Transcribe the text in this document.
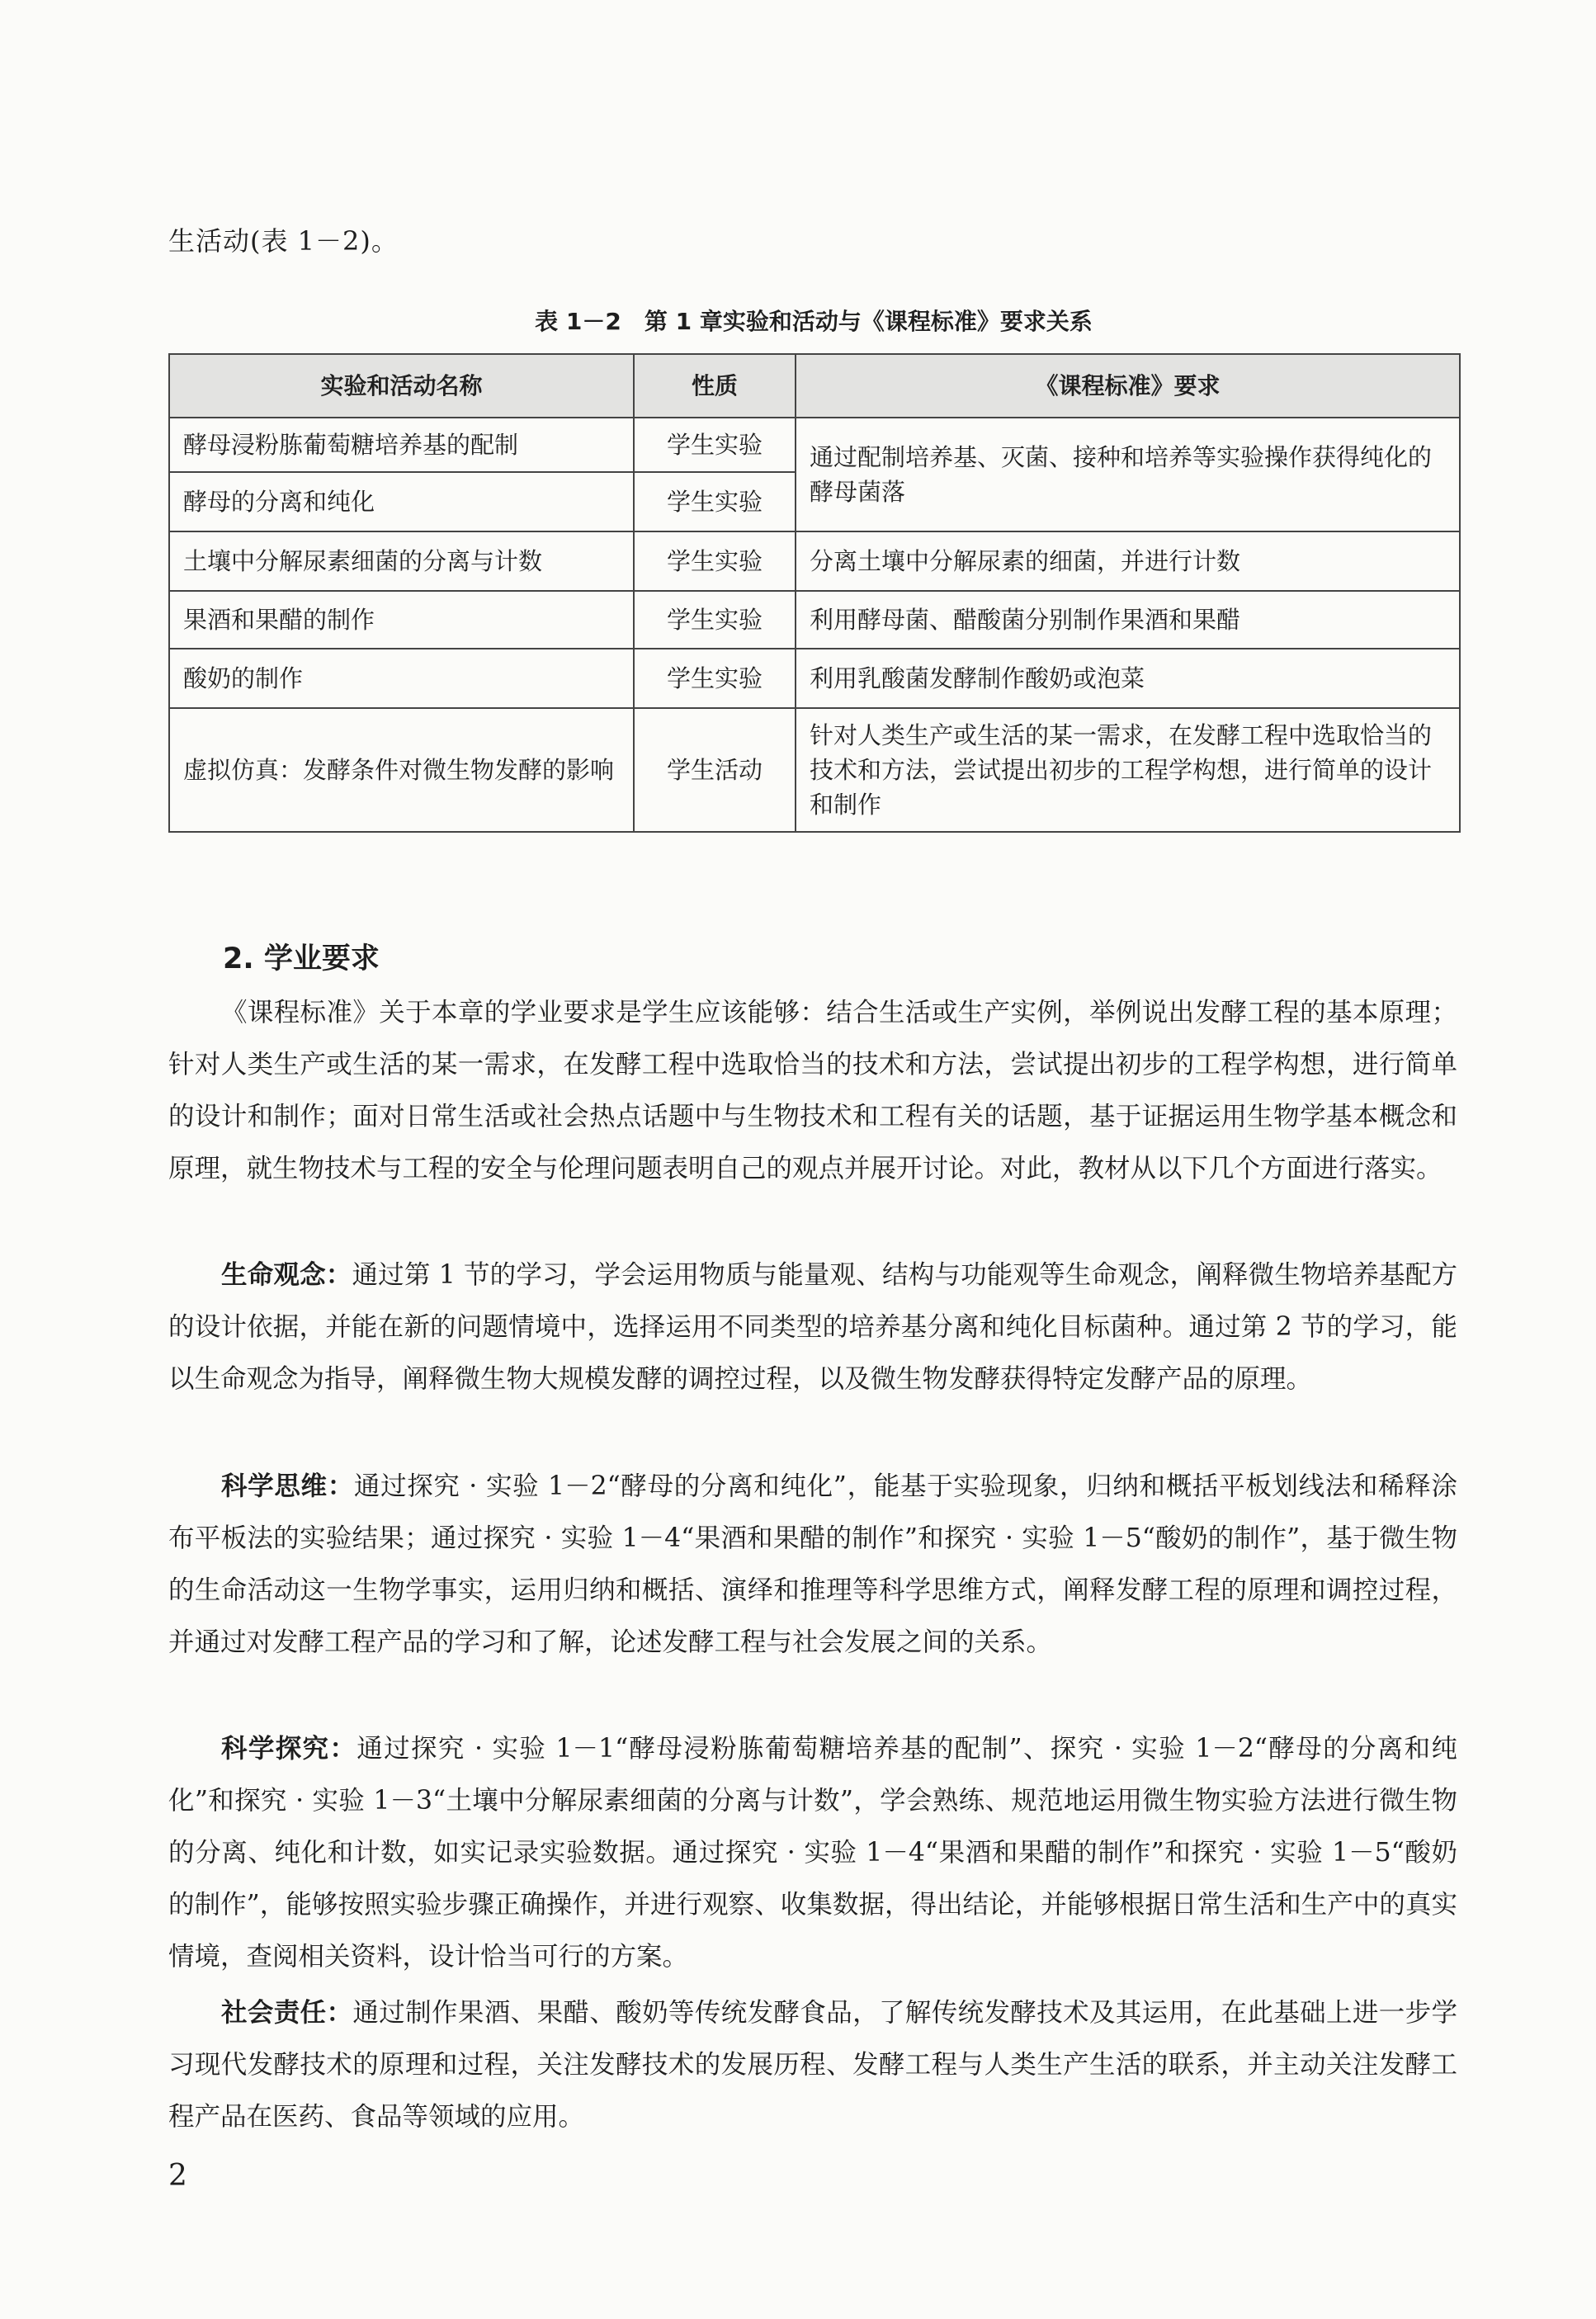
生活动(表 1－2)。
表 1－2　第 1 章实验和活动与《课程标准》要求关系
实验和活动名称	性质	《课程标准》要求
酵母浸粉胨葡萄糖培养基的配制	学生实验	通过配制培养基、灭菌、接种和培养等实验操作获得纯化的酵母菌落
酵母的分离和纯化	学生实验	
土壤中分解尿素细菌的分离与计数	学生实验	分离土壤中分解尿素的细菌，并进行计数
果酒和果醋的制作	学生实验	利用酵母菌、醋酸菌分别制作果酒和果醋
酸奶的制作	学生实验	利用乳酸菌发酵制作酸奶或泡菜
虚拟仿真：发酵条件对微生物发酵的影响	学生活动	针对人类生产或生活的某一需求，在发酵工程中选取恰当的技术和方法，尝试提出初步的工程学构想，进行简单的设计和制作
2. 学业要求

《课程标准》关于本章的学业要求是学生应该能够：结合生活或生产实例，举例说出发酵工程的基本原理；针对人类生产或生活的某一需求，在发酵工程中选取恰当的技术和方法，尝试提出初步的工程学构想，进行简单的设计和制作；面对日常生活或社会热点话题中与生物技术和工程有关的话题，基于证据运用生物学基本概念和原理，就生物技术与工程的安全与伦理问题表明自己的观点并展开讨论。对此，教材从以下几个方面进行落实。

生命观念：通过第 1 节的学习，学会运用物质与能量观、结构与功能观等生命观念，阐释微生物培养基配方的设计依据，并能在新的问题情境中，选择运用不同类型的培养基分离和纯化目标菌种。通过第 2 节的学习，能以生命观念为指导，阐释微生物大规模发酵的调控过程，以及微生物发酵获得特定发酵产品的原理。

科学思维：通过探究 · 实验 1－2“酵母的分离和纯化”，能基于实验现象，归纳和概括平板划线法和稀释涂布平板法的实验结果；通过探究 · 实验 1－4“果酒和果醋的制作”和探究 · 实验 1－5“酸奶的制作”，基于微生物的生命活动这一生物学事实，运用归纳和概括、演绎和推理等科学思维方式，阐释发酵工程的原理和调控过程，并通过对发酵工程产品的学习和了解，论述发酵工程与社会发展之间的关系。

科学探究：通过探究 · 实验 1－1“酵母浸粉胨葡萄糖培养基的配制”、探究 · 实验 1－2“酵母的分离和纯化”和探究 · 实验 1－3“土壤中分解尿素细菌的分离与计数”，学会熟练、规范地运用微生物实验方法进行微生物的分离、纯化和计数，如实记录实验数据。通过探究 · 实验 1－4“果酒和果醋的制作”和探究 · 实验 1－5“酸奶的制作”，能够按照实验步骤正确操作，并进行观察、收集数据，得出结论，并能够根据日常生活和生产中的真实情境，查阅相关资料，设计恰当可行的方案。

社会责任：通过制作果酒、果醋、酸奶等传统发酵食品，了解传统发酵技术及其运用，在此基础上进一步学习现代发酵技术的原理和过程，关注发酵技术的发展历程、发酵工程与人类生产生活的联系，并主动关注发酵工程产品在医药、食品等领域的应用。

2
